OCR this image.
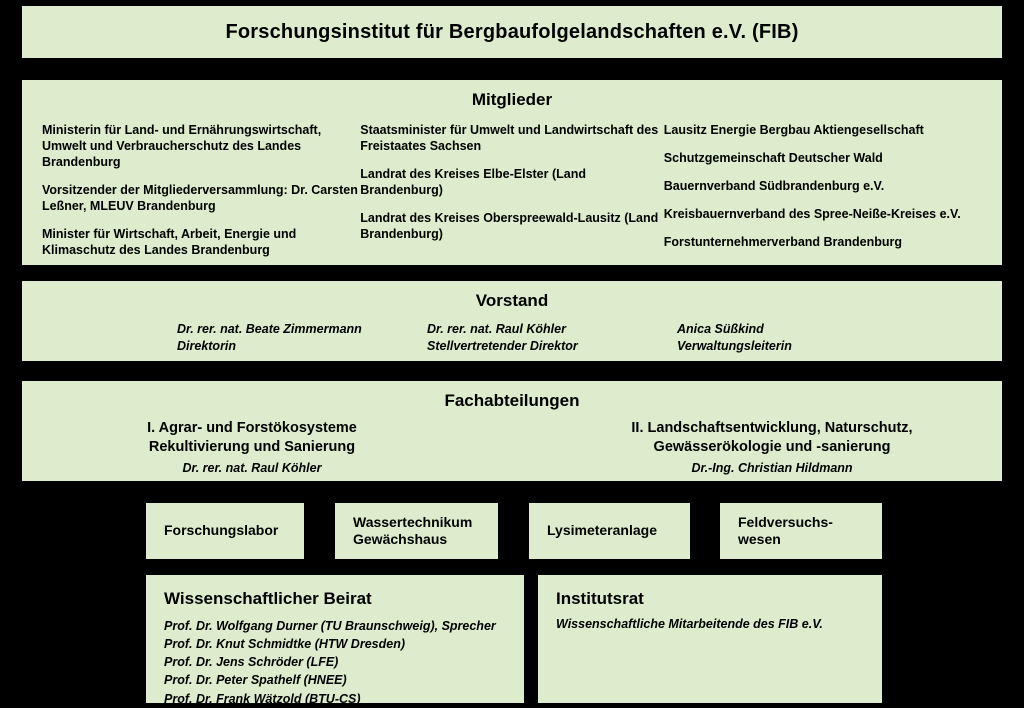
Forschungsinstitut für Bergbaufolgelandschaften e.V. (FIB)
Mitglieder

Ministerin für Land- und Ernährungswirtschaft, Umwelt und Verbraucherschutz des Landes Brandenburg

Vorsitzender der Mitgliederversammlung: Dr. Carsten Leßner, MLEUV Brandenburg

Minister für Wirtschaft, Arbeit, Energie und Klimaschutz des Landes Brandenburg

Staatsminister für Umwelt und Landwirtschaft des Freistaates Sachsen

Landrat des Kreises Elbe-Elster (Land Brandenburg)

Landrat des Kreises Oberspreewald-Lausitz (Land Brandenburg)

Lausitz Energie Bergbau Aktiengesellschaft

Schutzgemeinschaft Deutscher Wald

Bauernverband Südbrandenburg e.V.

Kreisbauernverband des Spree-Neiße-Kreises e.V.

Forstunternehmerverband Brandenburg

Vorstand
Dr. rer. nat. Beate Zimmermann
Direktorin
Dr. rer. nat. Raul Köhler
Stellvertretender Direktor
Anica Süßkind
Verwaltungsleiterin
Fachabteilungen
I. Agrar- und Forstökosysteme
Rekultivierung und Sanierung
Dr. rer. nat. Raul Köhler
II. Landschaftsentwicklung, Naturschutz,
Gewässerökologie und -sanierung
Dr.-Ing. Christian Hildmann
Forschungslabor
Wassertechnikum
Gewächshaus
Lysimeteranlage
Feldversuchs-
wesen
Wissenschaftlicher Beirat
Prof. Dr. Wolfgang Durner (TU Braunschweig), Sprecher
Prof. Dr. Knut Schmidtke (HTW Dresden)
Prof. Dr. Jens Schröder (LFE)
Prof. Dr. Peter Spathelf (HNEE)
Prof. Dr. Frank Wätzold (BTU-CS)
Institutsrat
Wissenschaftliche Mitarbeitende des FIB e.V.
